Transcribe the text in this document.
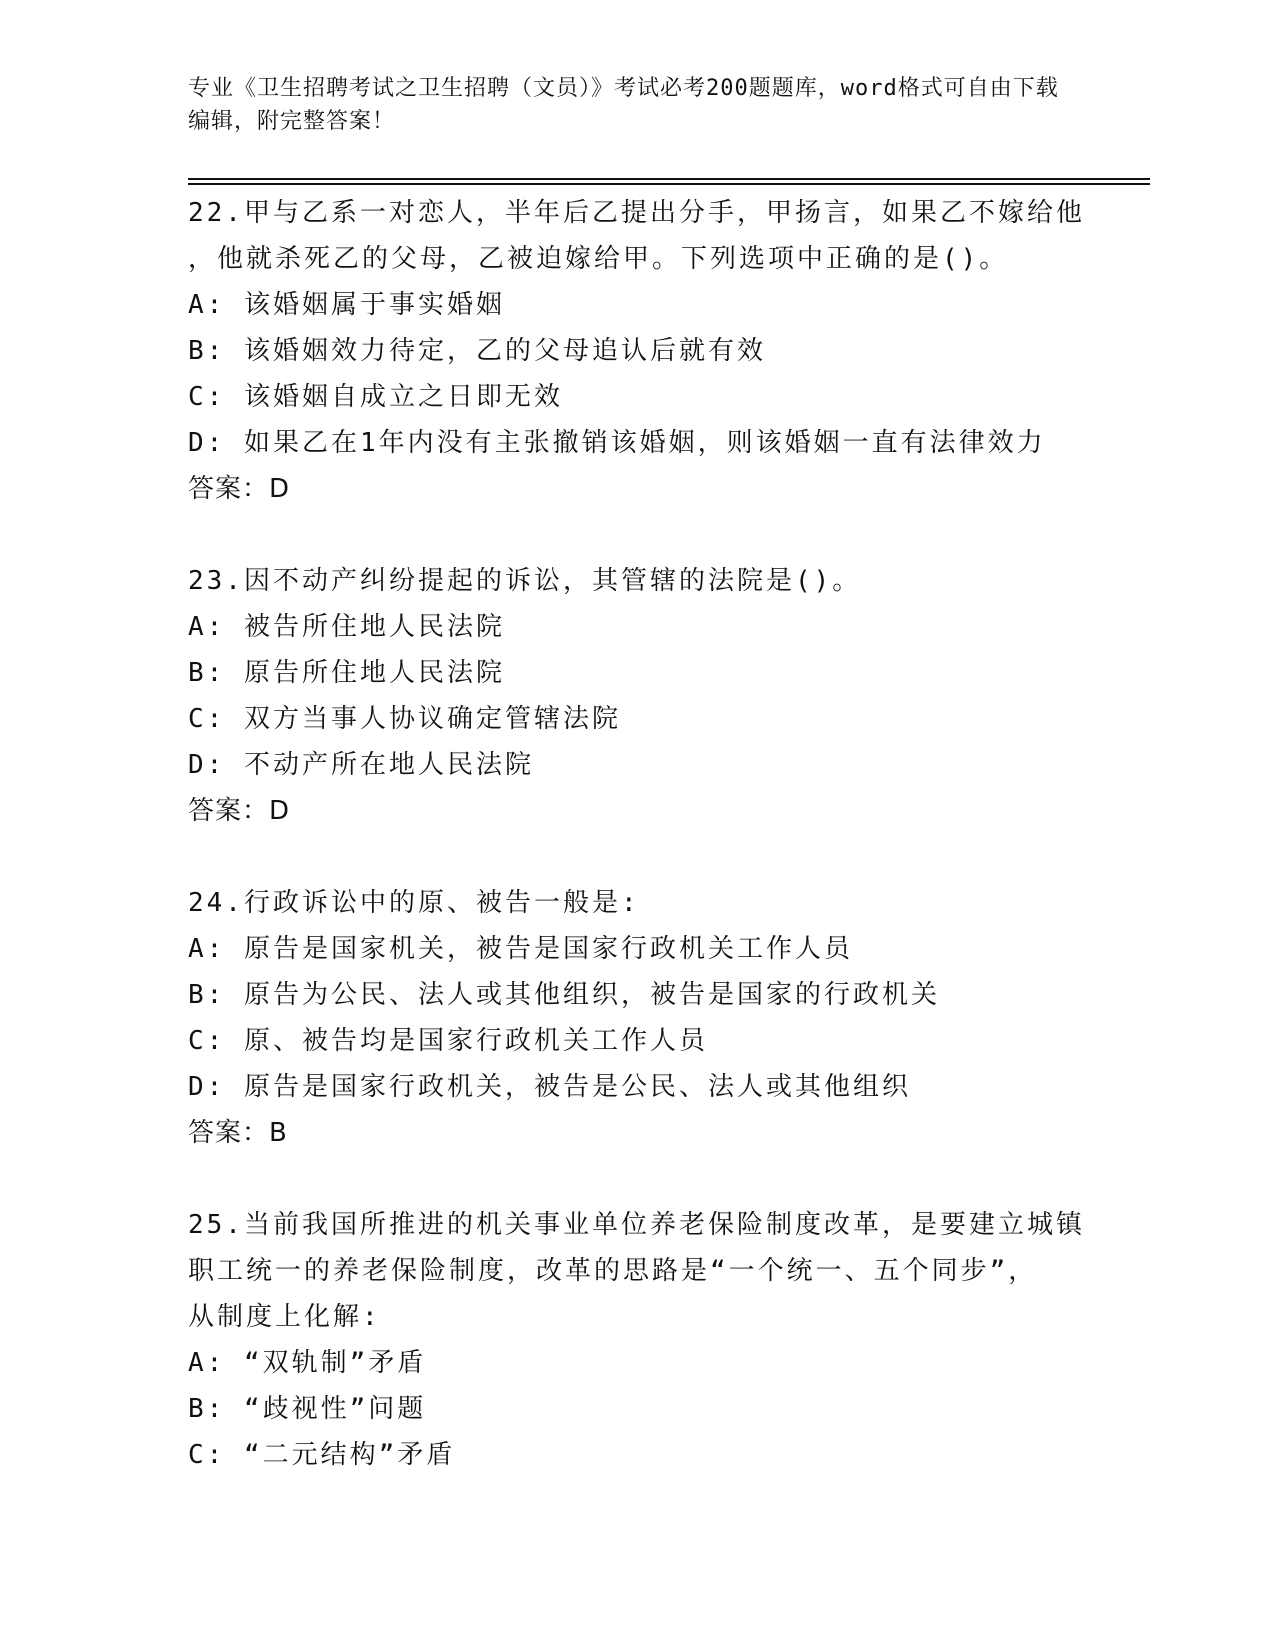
专业《卫生招聘考试之卫生招聘（文员）》考试必考200题题库，word格式可自由下载编辑，附完整答案！
22.甲与乙系一对恋人，半年后乙提出分手，甲扬言，如果乙不嫁给他
，他就杀死乙的父母，乙被迫嫁给甲。下列选项中正确的是()。
A: 该婚姻属于事实婚姻
B: 该婚姻效力待定，乙的父母追认后就有效
C: 该婚姻自成立之日即无效
D: 如果乙在1年内没有主张撤销该婚姻，则该婚姻一直有法律效力
答案：D
23.因不动产纠纷提起的诉讼，其管辖的法院是()。
A: 被告所住地人民法院
B: 原告所住地人民法院
C: 双方当事人协议确定管辖法院
D: 不动产所在地人民法院
答案：D
24.行政诉讼中的原、被告一般是:
A: 原告是国家机关，被告是国家行政机关工作人员
B: 原告为公民、法人或其他组织，被告是国家的行政机关
C: 原、被告均是国家行政机关工作人员
D: 原告是国家行政机关，被告是公民、法人或其他组织
答案：B
25.当前我国所推进的机关事业单位养老保险制度改革，是要建立城镇
职工统一的养老保险制度，改革的思路是“一个统一、五个同步”，
从制度上化解:
A: “双轨制”矛盾
B: “歧视性”问题
C: “二元结构”矛盾
